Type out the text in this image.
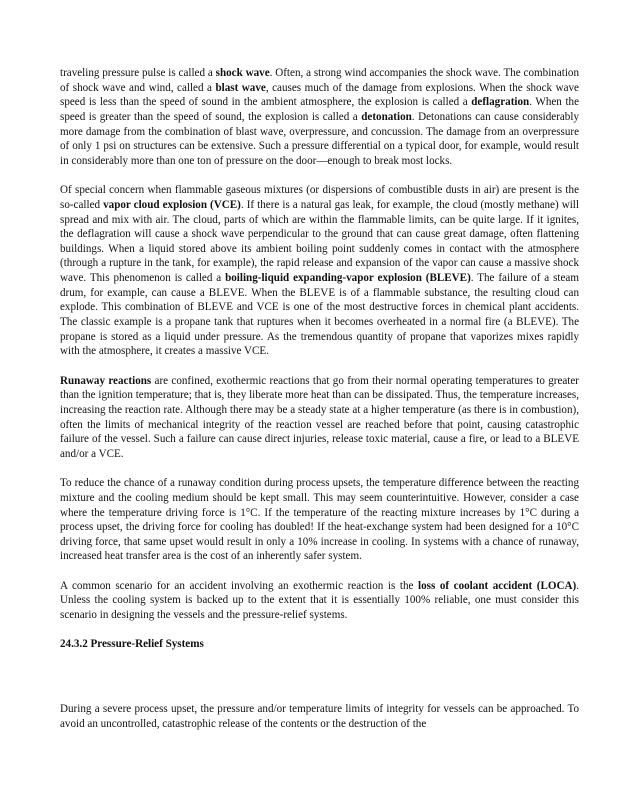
traveling pressure pulse is called a shock wave. Often, a strong wind accompanies the shock wave. The combination of shock wave and wind, called a blast wave, causes much of the damage from explosions. When the shock wave speed is less than the speed of sound in the ambient atmosphere, the explosion is called a deflagration. When the speed is greater than the speed of sound, the explosion is called a detonation. Detonations can cause considerably more damage from the combination of blast wave, overpressure, and concussion. The damage from an overpressure of only 1 psi on structures can be extensive. Such a pressure differential on a typical door, for example, would result in considerably more than one ton of pressure on the door—enough to break most locks.

Of special concern when flammable gaseous mixtures (or dispersions of combustible dusts in air) are present is the so-called vapor cloud explosion (VCE). If there is a natural gas leak, for example, the cloud (mostly methane) will spread and mix with air. The cloud, parts of which are within the flammable limits, can be quite large. If it ignites, the deflagration will cause a shock wave perpendicular to the ground that can cause great damage, often flattening buildings. When a liquid stored above its ambient boiling point suddenly comes in contact with the atmosphere (through a rupture in the tank, for example), the rapid release and expansion of the vapor can cause a massive shock wave. This phenomenon is called a boiling-liquid expanding-vapor explosion (BLEVE). The failure of a steam drum, for example, can cause a BLEVE. When the BLEVE is of a flammable substance, the resulting cloud can explode. This combination of BLEVE and VCE is one of the most destructive forces in chemical plant accidents. The classic example is a propane tank that ruptures when it becomes overheated in a normal fire (a BLEVE). The propane is stored as a liquid under pressure. As the tremendous quantity of propane that vaporizes mixes rapidly with the atmosphere, it creates a massive VCE.

Runaway reactions are confined, exothermic reactions that go from their normal operating temperatures to greater than the ignition temperature; that is, they liberate more heat than can be dissipated. Thus, the temperature increases, increasing the reaction rate. Although there may be a steady state at a higher temperature (as there is in combustion), often the limits of mechanical integrity of the reaction vessel are reached before that point, causing catastrophic failure of the vessel. Such a failure can cause direct injuries, release toxic material, cause a fire, or lead to a BLEVE and/or a VCE.

To reduce the chance of a runaway condition during process upsets, the temperature difference between the reacting mixture and the cooling medium should be kept small. This may seem counterintuitive. However, consider a case where the temperature driving force is 1°C. If the temperature of the reacting mixture increases by 1°C during a process upset, the driving force for cooling has doubled! If the heat-exchange system had been designed for a 10°C driving force, that same upset would result in only a 10% increase in cooling. In systems with a chance of runaway, increased heat transfer area is the cost of an inherently safer system.

A common scenario for an accident involving an exothermic reaction is the loss of coolant accident (LOCA). Unless the cooling system is backed up to the extent that it is essentially 100% reliable, one must consider this scenario in designing the vessels and the pressure-relief systems.

24.3.2 Pressure-Relief Systems

During a severe process upset, the pressure and/or temperature limits of integrity for vessels can be approached. To avoid an uncontrolled, catastrophic release of the contents or the destruction of the
